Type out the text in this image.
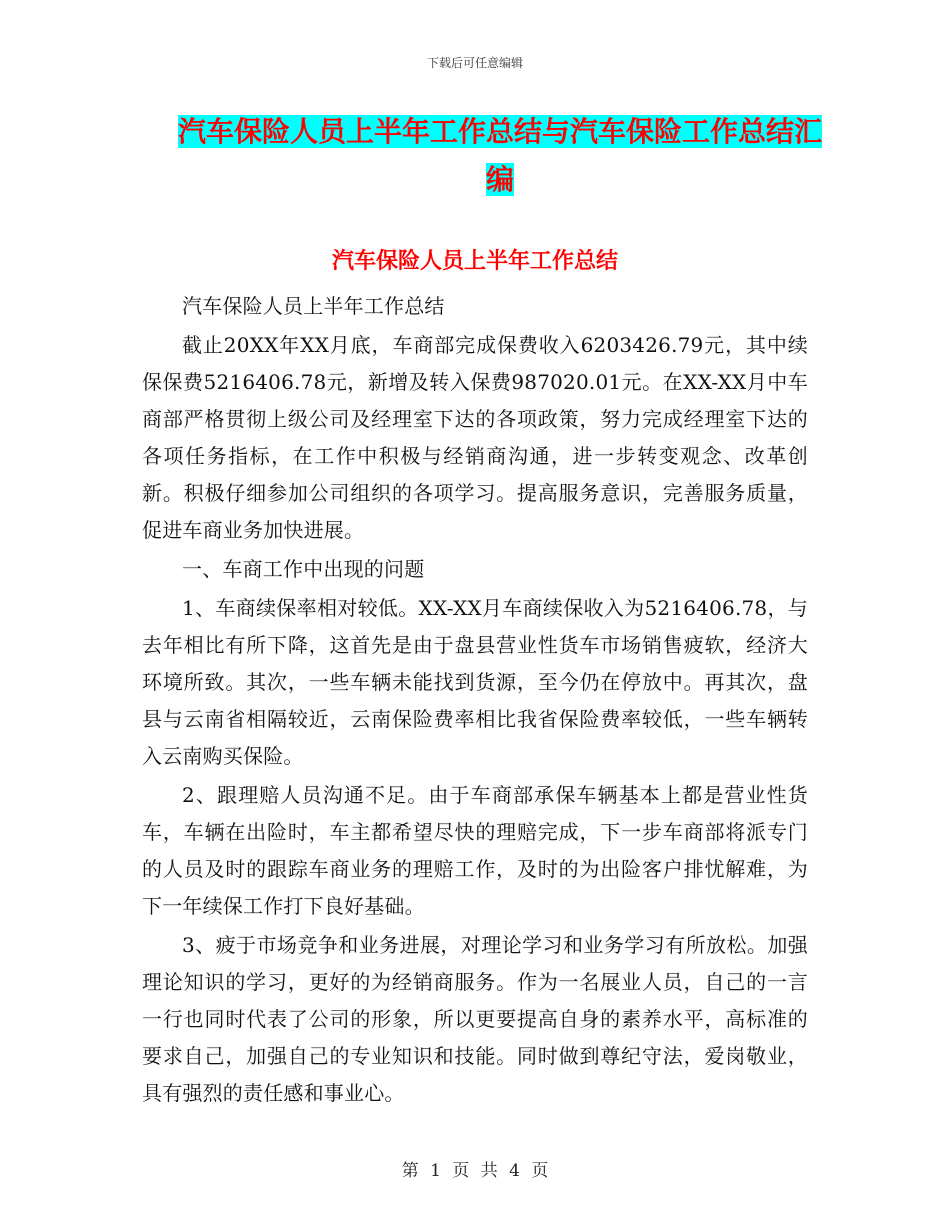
下载后可任意编辑
汽车保险人员上半年工作总结与汽车保险工作总结汇
编
汽车保险人员上半年工作总结

汽车保险人员上半年工作总结

截止20XX年XX月底，车商部完成保费收入6203426.79元，其中续保保费5216406.78元，新增及转入保费987020.01元。在XX-XX月中车商部严格贯彻上级公司及经理室下达的各项政策，努力完成经理室下达的各项任务指标，在工作中积极与经销商沟通，进一步转变观念、改革创新。积极仔细参加公司组织的各项学习。提高服务意识，完善服务质量，促进车商业务加快进展。

一、车商工作中出现的问题

1、车商续保率相对较低。XX-XX月车商续保收入为5216406.78，与去年相比有所下降，这首先是由于盘县营业性货车市场销售疲软，经济大环境所致。其次，一些车辆未能找到货源，至今仍在停放中。再其次，盘县与云南省相隔较近，云南保险费率相比我省保险费率较低，一些车辆转入云南购买保险。

2、跟理赔人员沟通不足。由于车商部承保车辆基本上都是营业性货车，车辆在出险时，车主都希望尽快的理赔完成，下一步车商部将派专门的人员及时的跟踪车商业务的理赔工作，及时的为出险客户排忧解难，为下一年续保工作打下良好基础。

3、疲于市场竞争和业务进展，对理论学习和业务学习有所放松。加强理论知识的学习，更好的为经销商服务。作为一名展业人员，自己的一言一行也同时代表了公司的形象，所以更要提高自身的素养水平，高标准的要求自己，加强自己的专业知识和技能。同时做到尊纪守法，爱岗敬业，具有强烈的责任感和事业心。

第 1 页 共 4 页
